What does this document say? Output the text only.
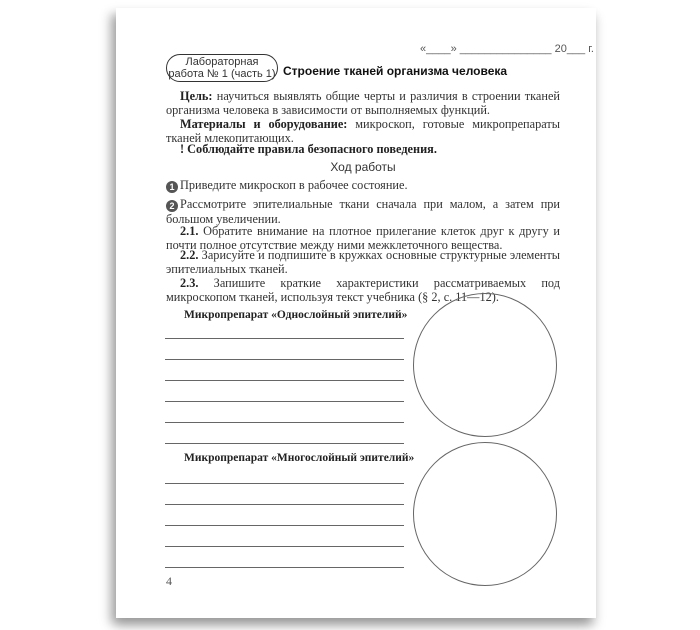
«____» _______________ 20___ г.
Лабораторная
работа № 1 (часть 1) Строение тканей организма человека
Цель: научиться выявлять общие черты и различия в строении тканей организма человека в зависимости от выполняемых функций.
Материалы и оборудование: микроскоп, готовые микропрепараты тканей млекопитающих.
! Соблюдайте правила безопасного поведения.
Ход работы
1 Приведите микроскоп в рабочее состояние.
2 Рассмотрите эпителиальные ткани сначала при малом, а затем при большом увеличении.
2.1. Обратите внимание на плотное прилегание клеток друг к другу и почти полное отсутствие между ними межклеточного вещества.
2.2. Зарисуйте и подпишите в кружках основные структурные элементы эпителиальных тканей.
2.3. Запишите краткие характеристики рассматриваемых под микроскопом тканей, используя текст учебника (§ 2, с. 11—12).
Микропрепарат «Однослойный эпителий»
Микропрепарат «Многослойный эпителий»
4
